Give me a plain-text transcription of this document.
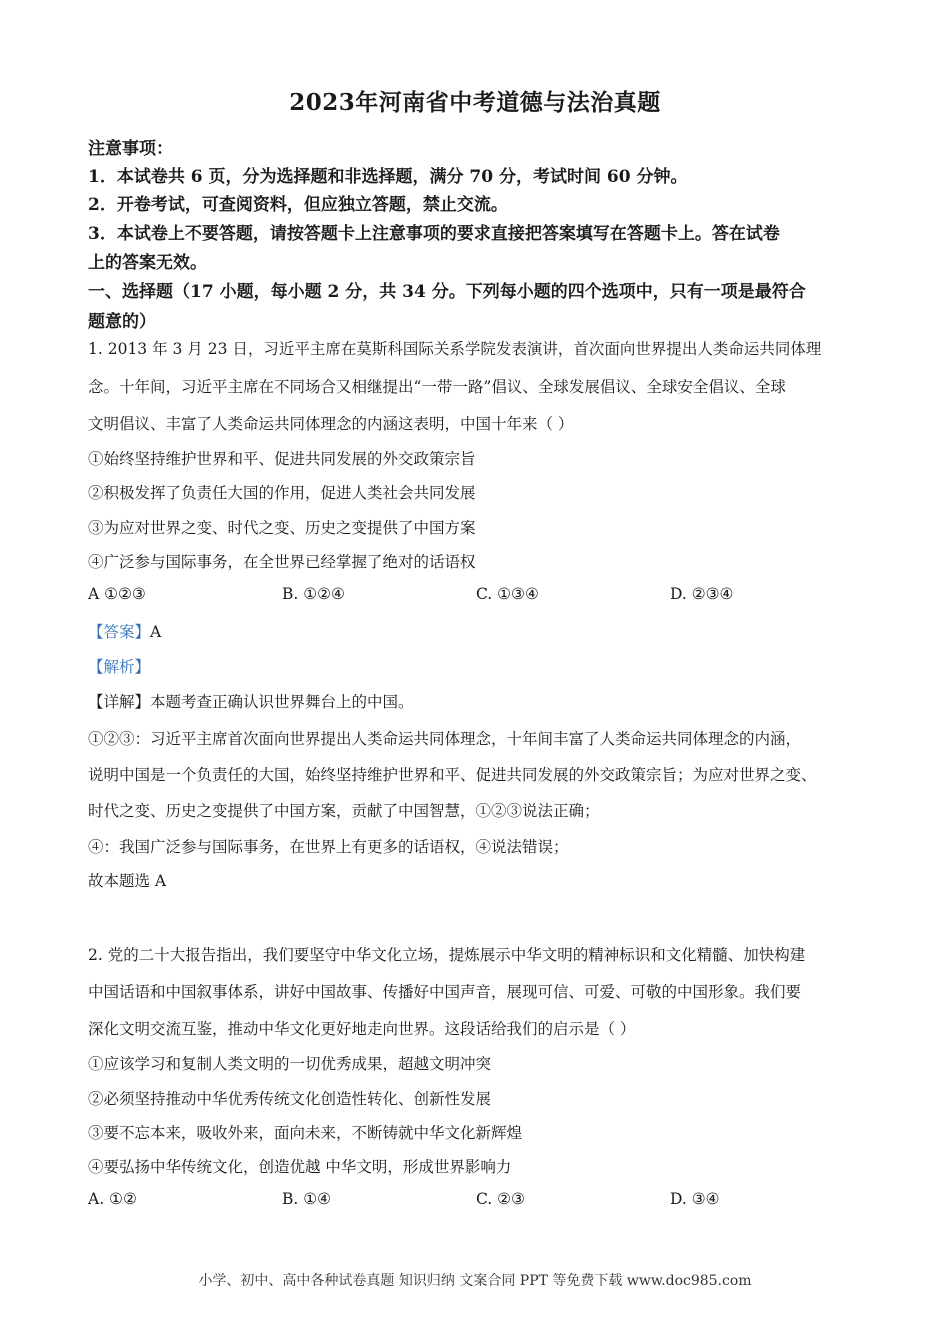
2023年河南省中考道德与法治真题
注意事项：
1．本试卷共 6 页，分为选择题和非选择题，满分 70 分，考试时间 60 分钟。
2．开卷考试，可查阅资料，但应独立答题，禁止交流。
3．本试卷上不要答题，请按答题卡上注意事项的要求直接把答案填写在答题卡上。答在试卷
上的答案无效。
一、选择题（17 小题，每小题 2 分，共 34 分。下列每小题的四个选项中，只有一项是最符合
题意的）
1. 2013 年 3 月 23 日，习近平主席在莫斯科国际关系学院发表演讲，首次面向世界提出人类命运共同体理
念。十年间，习近平主席在不同场合又相继提出“一带一路”倡议、全球发展倡议、全球安全倡议、全球
文明倡议、丰富了人类命运共同体理念的内涵这表明，中国十年来（ ）
①始终坚持维护世界和平、促进共同发展的外交政策宗旨
②积极发挥了负责任大国的作用，促进人类社会共同发展
③为应对世界之变、时代之变、历史之变提供了中国方案
④广泛参与国际事务，在全世界已经掌握了绝对的话语权
A ①②③	B. ①②④	C. ①③④	D. ②③④
【答案】A
【解析】
【详解】本题考查正确认识世界舞台上的中国。
①②③：习近平主席首次面向世界提出人类命运共同体理念，十年间丰富了人类命运共同体理念的内涵，
说明中国是一个负责任的大国，始终坚持维护世界和平、促进共同发展的外交政策宗旨；为应对世界之变、
时代之变、历史之变提供了中国方案，贡献了中国智慧，①②③说法正确；
④：我国广泛参与国际事务，在世界上有更多的话语权，④说法错误；
故本题选 A
2. 党的二十大报告指出，我们要坚守中华文化立场，提炼展示中华文明的精神标识和文化精髓、加快构建
中国话语和中国叙事体系，讲好中国故事、传播好中国声音，展现可信、可爱、可敬的中国形象。我们要
深化文明交流互鉴，推动中华文化更好地走向世界。这段话给我们的启示是（ ）
①应该学习和复制人类文明的一切优秀成果，超越文明冲突
②必须坚持推动中华优秀传统文化创造性转化、创新性发展
③要不忘本来，吸收外来，面向未来，不断铸就中华文化新辉煌
④要弘扬中华传统文化，创造优越 中华文明，形成世界影响力
A. ①②	B. ①④	C. ②③	D. ③④
小学、初中、高中各种试卷真题 知识归纳 文案合同 PPT 等免费下载 www.doc985.com
